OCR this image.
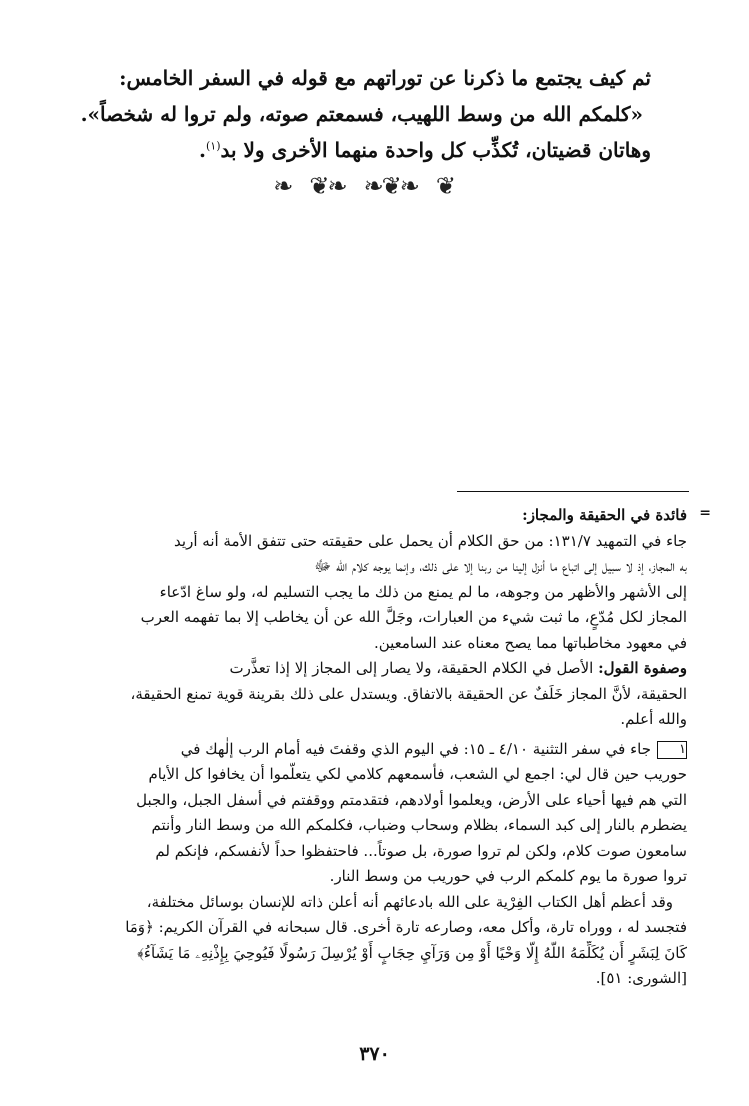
ثم كيف يجتمع ما ذكرنا عن توراتهم مع قوله في السفر الخامس:

«كلمكم الله من وسط اللهيب، فسمعتم صوته، ولم تروا له شخصاً».

وهاتان قضيتان، تُكذِّب كل واحدة منهما الأخرى ولا بد$^{(١)}$.

❦
❧❦❧
❧❦
❧
=
فائدة في الحقيقة والمجاز:
جاء في التمهيد ١٣١/٧: من حق الكلام أن يحمل على حقيقته حتى تتفق الأمة أنه أريد
به المجاز، إذ لا سبيل إلى اتباع ما أنزل إلينا من ربنا إلا على ذلك، وإنما يوجه كلام الله ﷻ
إلى الأشهر والأظهر من وجوهه، ما لم يمنع من ذلك ما يجب التسليم له، ولو ساغ ادّعاء
المجاز لكل مُدّعٍ، ما ثبت شيء من العبارات، وجَلَّ الله عن أن يخاطب إلا بما تفهمه العرب
في معهود مخاطباتها مما يصح معناه عند السامعين.
وصفوة القول: الأصل في الكلام الحقيقة، ولا يصار إلى المجاز إلا إذا تعذَّرت
الحقيقة، لأنَّ المجاز خَلَفٌ عن الحقيقة بالاتفاق. ويستدل على ذلك بقرينة قوية تمنع الحقيقة،
والله أعلم.
١جاء في سفر التثنية ٤/١٠ ـ ١٥: في اليوم الذي وقفتَ فيه أمام الرب إلٰهك في
حوريب حين قال لي: اجمع لي الشعب، فأسمعهم كلامي لكي يتعلَّموا أن يخافوا كل الأيام
التي هم فيها أحياء على الأرض، ويعلموا أولادهم، فتقدمتم ووقفتم في أسفل الجبل، والجبل
يضطرم بالنار إلى كبد السماء، بظلام وسحاب وضباب، فكلمكم الله من وسط النار وأنتم
سامعون صوت كلام، ولكن لم تروا صورة، بل صوتاً... فاحتفظوا حداً لأنفسكم، فإنكم لم
تروا صورة ما يوم كلمكم الرب في حوريب من وسط النار.
وقد أعظم أهل الكتاب الفِرْية على الله بادعائهم أنه أعلن ذاته للإنسان بوسائل مختلفة،
فتجسد له ، ووراه تارة، وأكل معه، وصارعه تارة أخرى. قال سبحانه في القرآن الكريم: ﴿وَمَا
كَانَ لِبَشَرٍ أَن يُكَلِّمَهُ اللَّهُ إِلَّا وَحْيًا أَوْ مِن وَرَآيِ حِجَابٍ أَوْ يُرْسِلَ رَسُولًا فَيُوحِيَ بِإِذْنِهِۦ مَا يَشَآءُ﴾
[الشورى: ٥١].
٣٧٠
